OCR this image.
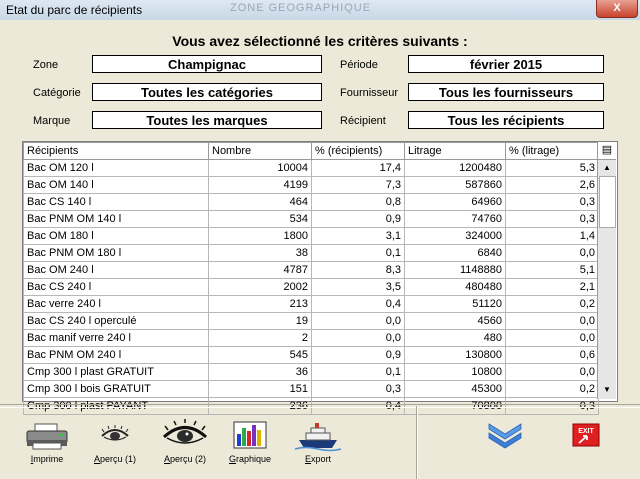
Etat du parc de récipients	ZONE GEOGRAPHIQUE	X
Vous avez sélectionné les critères suivants :
Zone	Champignac	Période	février 2015
Catégorie	Toutes les catégories	Fournisseur	Tous les fournisseurs
Marque	Toutes les marques	Récipient	Tous les récipients
Récipients	Nombre	% (récipients)	Litrage	% (litrage)
Bac OM 120 l	10004	17,4	1200480	5,3
Bac OM 140 l	4199	7,3	587860	2,6
Bac CS 140 l	464	0,8	64960	0,3
Bac PNM OM 140 l	534	0,9	74760	0,3
Bac OM 180 l	1800	3,1	324000	1,4
Bac PNM OM 180 l	38	0,1	6840	0,0
Bac OM 240 l	4787	8,3	1148880	5,1
Bac CS 240 l	2002	3,5	480480	2,1
Bac verre 240 l	213	0,4	51120	0,2
Bac CS 240 l operculé	19	0,0	4560	0,0
Bac manif verre 240 l	2	0,0	480	0,0
Bac PNM OM 240 l	545	0,9	130800	0,6
Cmp 300 l plast GRATUIT	36	0,1	10800	0,0
Cmp 300 l bois GRATUIT	151	0,3	45300	0,2
Cmp 300 l plast PAYANT	236	0,4	70800	0,3
▤
▲
▼
Imprime	Aperçu (1)	Aperçu (2)	Graphique	Export
EXIT
